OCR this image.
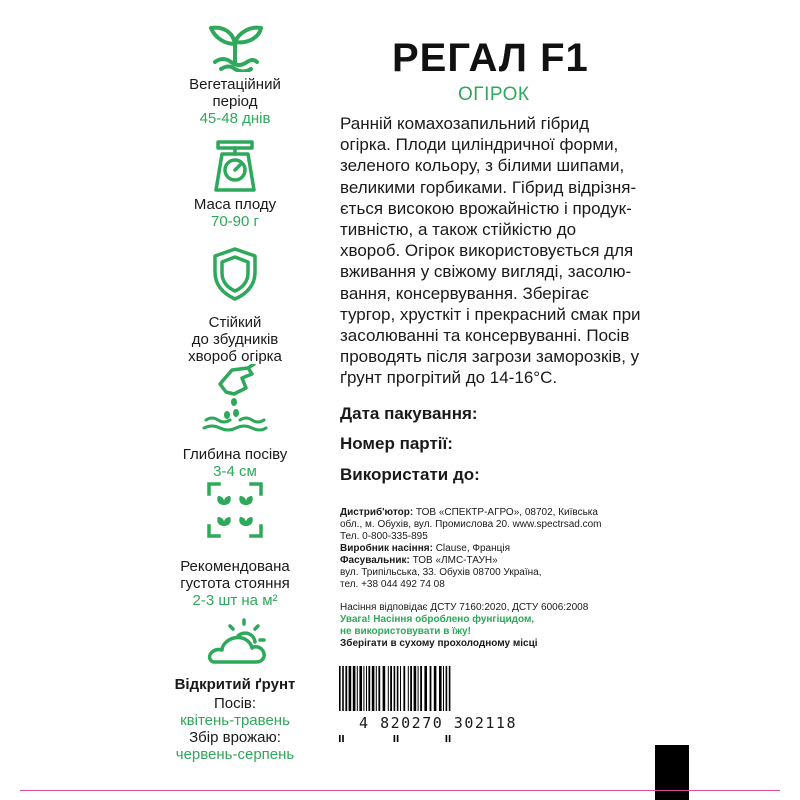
Вегетаційний
період
45-48 днів
Маса плоду
70-90 г
Стійкий
до збудників
хвороб огірка
Глибина посіву
3-4 см
Рекомендована
густота стояння
2-3 шт на м²
Відкритий ґрунт
Посів:
квітень-травень
Збір врожаю:
червень-серпень
РЕГАЛ F1
ОГІРОК
Ранній комахозапильний гібрид
огірка. Плоди циліндричної форми,
зеленого кольору, з білими шипами,
великими горбиками. Гібрид відрізня-
ється високою врожайністю і продук-
тивністю, а також стійкістю до
хвороб. Огірок використовується для
вживання у свіжому вигляді, засолю-
вання, консервування. Зберігає
тургор, хрусткіт і прекрасний смак при
засолюванні та консервуванні. Посів
проводять після загрози заморозків, у
ґрунт прогрітий до 14-16°С.
Дата пакування:
Номер партії:
Використати до:
Дистриб'ютор: ТОВ «СПЕКТР-АГРО», 08702, Київська
обл., м. Обухів, вул. Промислова 20. www.spectrsad.com
Тел. 0-800-335-895
Виробник насіння: Clause, Франція
Фасувальник: ТОВ «ЛМС-ТАУН»
вул. Трипільська, 33. Обухів 08700 Україна,
тел. +38 044 492 74 08
Насіння відповідає ДСТУ 7160:2020, ДСТУ 6006:2008
Увага! Насіння оброблено фунгіцидом,
не використовувати в їжу!
Зберігати в сухому прохолодному місці
4 820270 302118
